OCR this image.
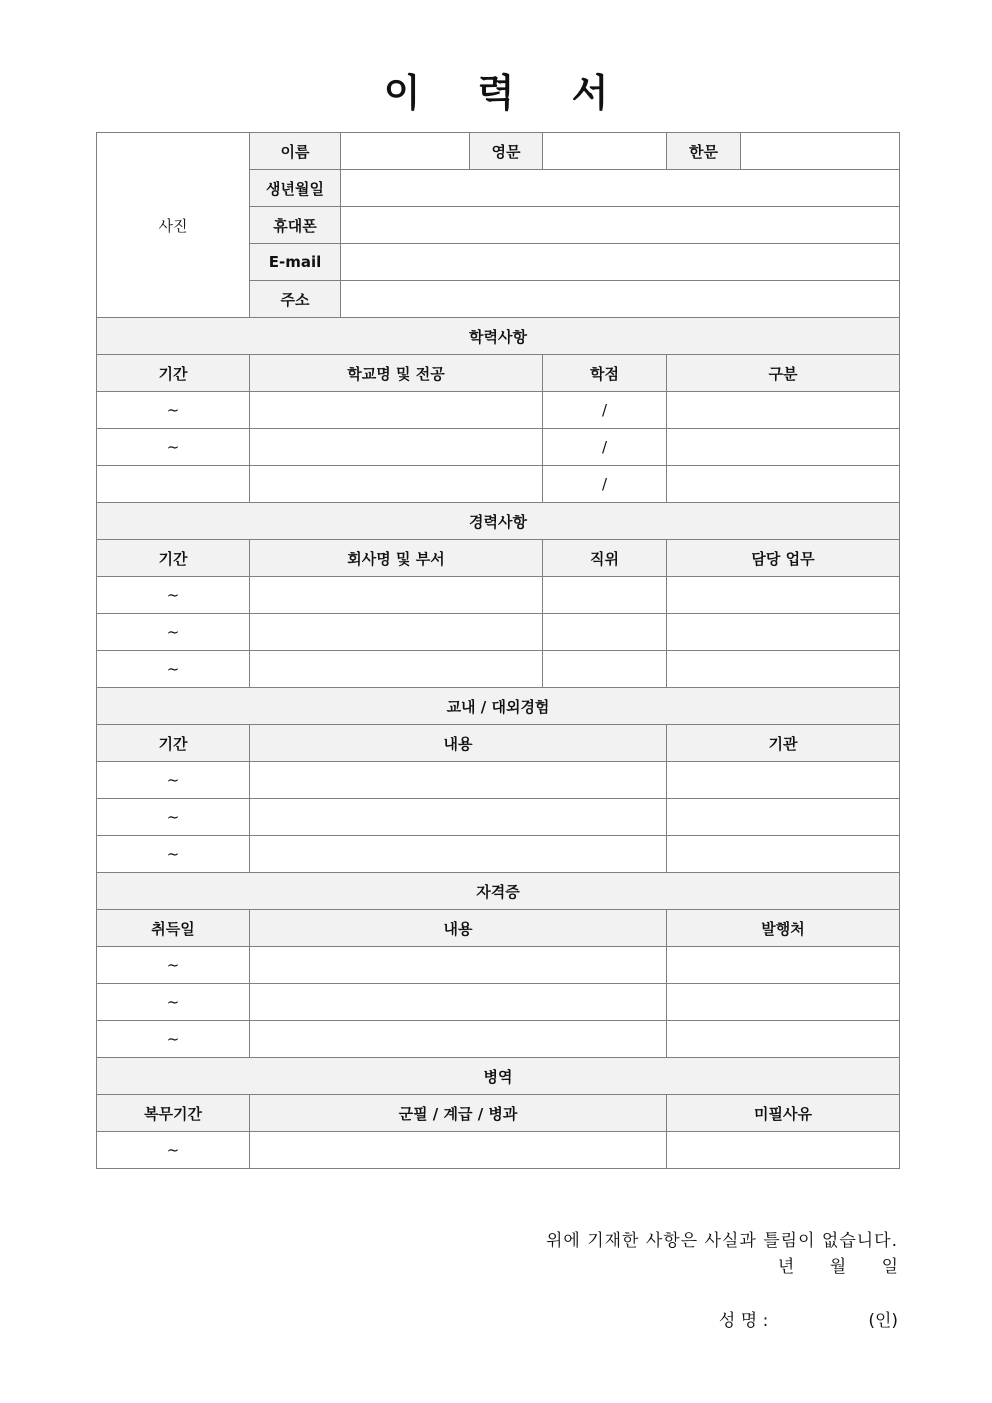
이 력 서
사진	이름		영문		한문	
	생년월일					
	휴대폰					
	E-mail					
	주소					
학력사항						
기간	학교명 및 전공			학점	구분	
~				/		
~				/		
				/		
경력사항						
기간	회사명 및 부서			직위	담당 업무	
~						
~						
~						
교내 / 대외경험						
기간	내용				기관	
~						
~						
~						
자격증						
취득일	내용				발행처	
~						
~						
~						
병역						
복무기간	군필 / 계급 / 병과				미필사유	
~						
위에 기재한 사항은 사실과 틀림이 없습니다.
년 월 일
성 명 :	(인)
